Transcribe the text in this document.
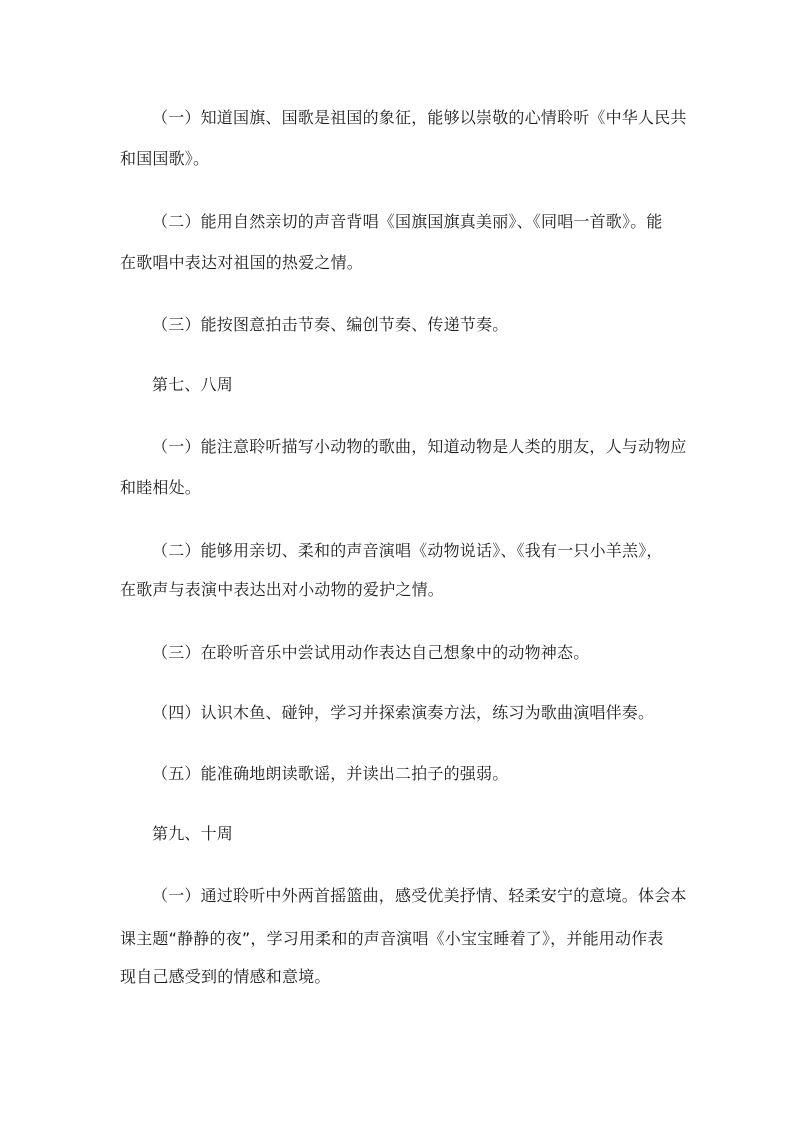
（一）知道国旗、国歌是祖国的象征，能够以崇敬的心情聆听《中华人民共
和国国歌》。
（二）能用自然亲切的声音背唱《国旗国旗真美丽》、《同唱一首歌》。能
在歌唱中表达对祖国的热爱之情。
（三）能按图意拍击节奏、编创节奏、传递节奏。
第七、八周
（一）能注意聆听描写小动物的歌曲，知道动物是人类的朋友，人与动物应
和睦相处。
（二）能够用亲切、柔和的声音演唱《动物说话》、《我有一只小羊羔》，
在歌声与表演中表达出对小动物的爱护之情。
（三）在聆听音乐中尝试用动作表达自己想象中的动物神态。
（四）认识木鱼、碰钟，学习并探索演奏方法，练习为歌曲演唱伴奏。
（五）能准确地朗读歌谣，并读出二拍子的强弱。
第九、十周
（一）通过聆听中外两首摇篮曲，感受优美抒情、轻柔安宁的意境。体会本
课主题“静静的夜”，学习用柔和的声音演唱《小宝宝睡着了》，并能用动作表
现自己感受到的情感和意境。
